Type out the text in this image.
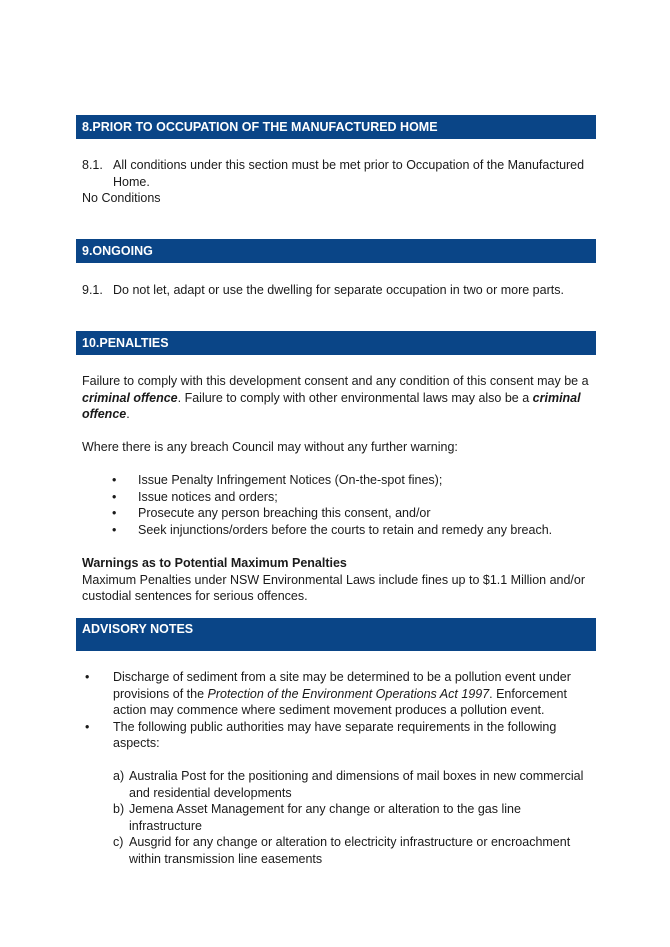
8.PRIOR TO OCCUPATION OF THE MANUFACTURED HOME
8.1. All conditions under this section must be met prior to Occupation of the Manufactured Home.
No Conditions
9.ONGOING
9.1. Do not let, adapt or use the dwelling for separate occupation in two or more parts.
10.PENALTIES
Failure to comply with this development consent and any condition of this consent may be a criminal offence. Failure to comply with other environmental laws may also be a criminal offence.
Where there is any breach Council may without any further warning:
• Issue Penalty Infringement Notices (On-the-spot fines);
• Issue notices and orders;
• Prosecute any person breaching this consent, and/or
• Seek injunctions/orders before the courts to retain and remedy any breach.
Warnings as to Potential Maximum Penalties
Maximum Penalties under NSW Environmental Laws include fines up to $1.1 Million and/or custodial sentences for serious offences.
ADVISORY NOTES
• Discharge of sediment from a site may be determined to be a pollution event under provisions of the Protection of the Environment Operations Act 1997. Enforcement action may commence where sediment movement produces a pollution event.
• The following public authorities may have separate requirements in the following aspects:
a) Australia Post for the positioning and dimensions of mail boxes in new commercial and residential developments
b) Jemena Asset Management for any change or alteration to the gas line infrastructure
c) Ausgrid for any change or alteration to electricity infrastructure or encroachment within transmission line easements
